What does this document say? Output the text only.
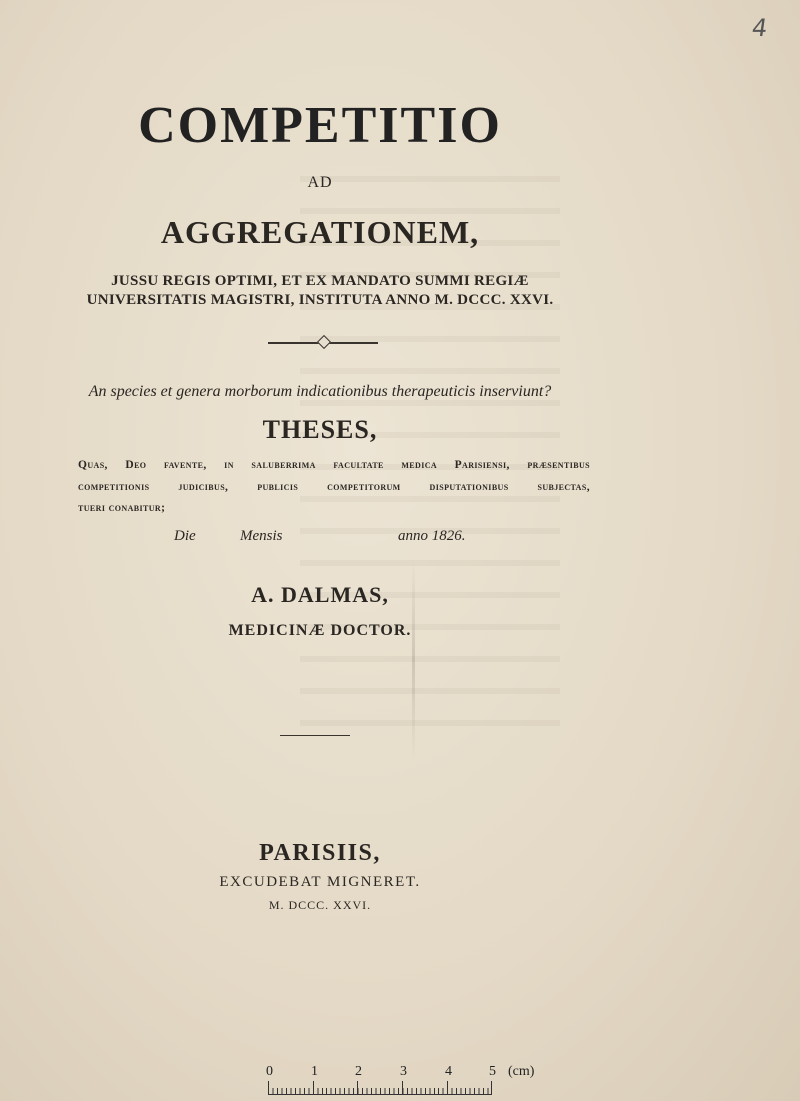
4
COMPETITIO
AD
AGGREGATIONEM,
JUSSU REGIS OPTIMI, ET EX MANDATO SUMMI REGIÆ
UNIVERSITATIS MAGISTRI, INSTITUTA ANNO M. DCCC. XXVI.
An species et genera morborum indicationibus therapeuticis inserviunt?
THESES,
Quas, Deo favente, in saluberrima facultate medica Parisiensi, præsentibus
competitionis judicibus, publicis competitorum disputationibus subjectas,
tueri conabitur;
Die	Mensis	anno 1826.
A. DALMAS,
MEDICINÆ DOCTOR.
PARISIIS,
EXCUDEBAT MIGNERET.
M. DCCC. XXVI.
0	1	2	3	4	5 (cm)
